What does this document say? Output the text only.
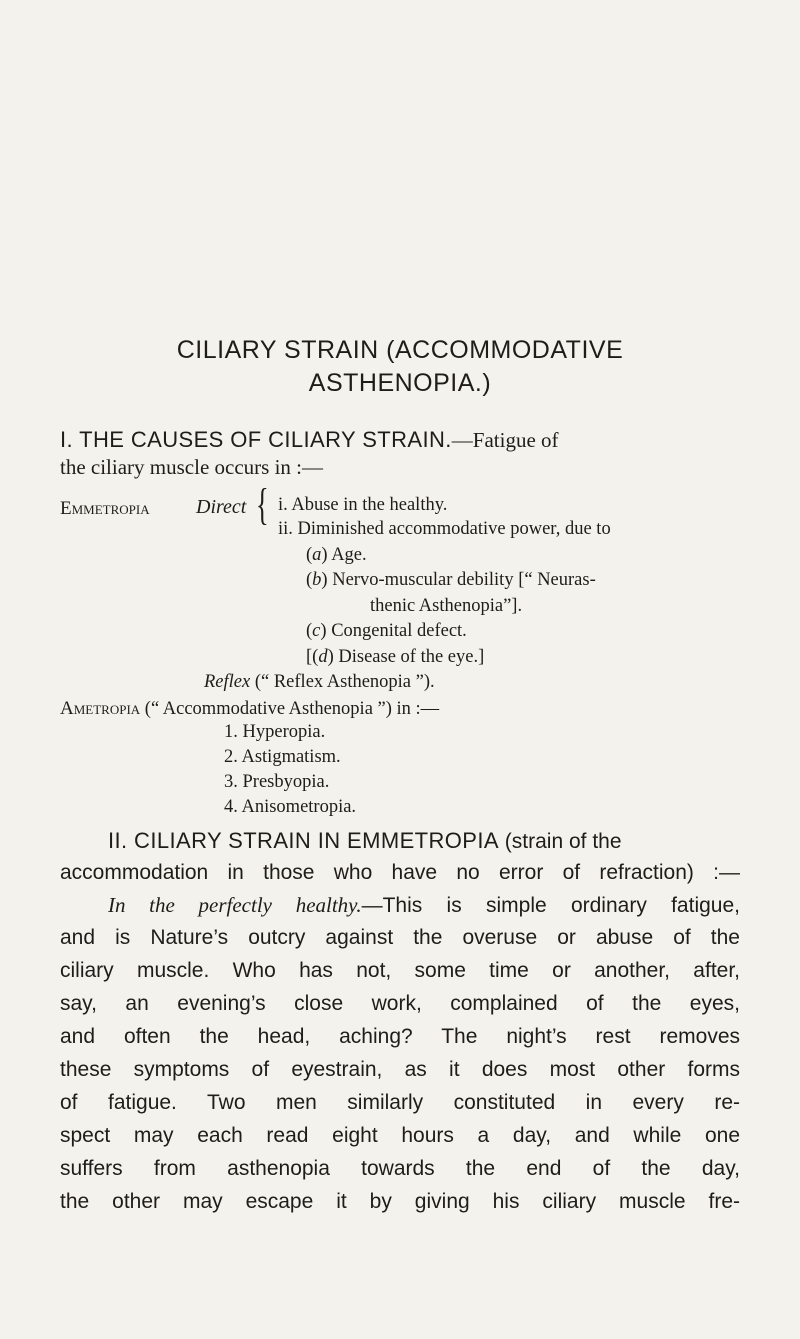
CILIARY STRAIN (ACCOMMODATIVE
ASTHENOPIA.)
I. THE CAUSES OF CILIARY STRAIN.—Fatigue of
the ciliary muscle occurs in :—
Emmetropia Direct { i. Abuse in the healthy.
ii. Diminished accommodative power, due to
(a) Age.
(b) Nervo-muscular debility [“ Neuras-
thenic Asthenopia”].
(c) Congenital defect.
[(d) Disease of the eye.]
Reflex (“ Reflex Asthenopia ”).
Ametropia (“ Accommodative Asthenopia ”) in :—
1. Hyperopia.
2. Astigmatism.
3. Presbyopia.
4. Anisometropia.
II. CILIARY STRAIN IN EMMETROPIA (strain of the
accommodation in those who have no error of refraction) :—
In the perfectly healthy.—This is simple ordinary fatigue,
and is Nature’s outcry against the overuse or abuse of the
ciliary muscle. Who has not, some time or another, after,
say, an evening’s close work, complained of the eyes,
and often the head, aching? The night’s rest removes
these symptoms of eyestrain, as it does most other forms
of fatigue. Two men similarly constituted in every re-
spect may each read eight hours a day, and while one
suffers from asthenopia towards the end of the day,
the other may escape it by giving his ciliary muscle fre-
